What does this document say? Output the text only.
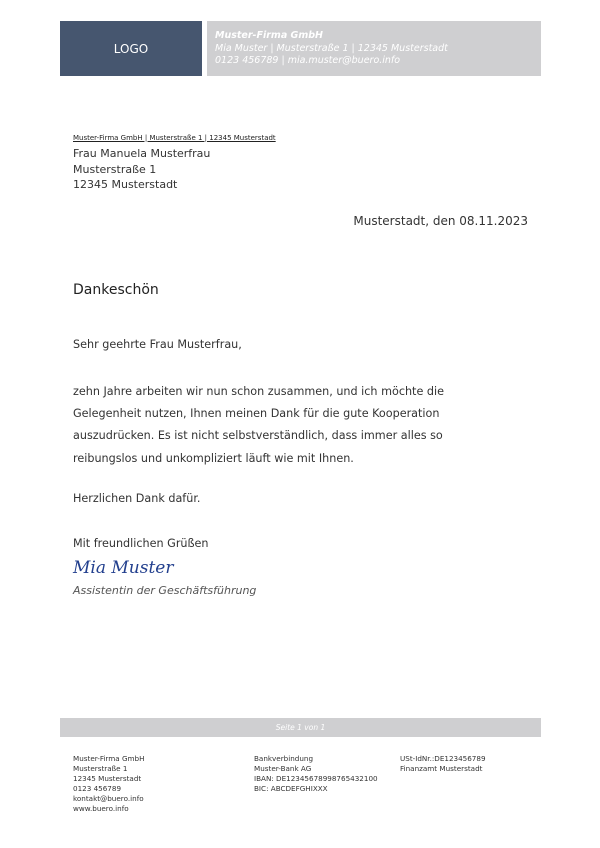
LOGO
Muster-Firma GmbH
Mia Muster | Musterstraße 1 | 12345 Musterstadt
0123 456789 | mia.muster@buero.info
Muster-Firma GmbH | Musterstraße 1 | 12345 Musterstadt
Frau Manuela Musterfrau
Musterstraße 1
12345 Musterstadt
Musterstadt, den 08.11.2023
Dankeschön
Sehr geehrte Frau Musterfrau,
zehn Jahre arbeiten wir nun schon zusammen, und ich möchte die
Gelegenheit nutzen, Ihnen meinen Dank für die gute Kooperation
auszudrücken. Es ist nicht selbstverständlich, dass immer alles so
reibungslos und unkompliziert läuft wie mit Ihnen.
Herzlichen Dank dafür.
Mit freundlichen Grüßen
Mia Muster
Assistentin der Geschäftsführung
Seite 1 von 1
Muster-Firma GmbH
Musterstraße 1
12345 Musterstadt
0123 456789
kontakt@buero.info
www.buero.info
Bankverbindung
Muster-Bank AG
IBAN: DE12345678998765432100
BIC: ABCDEFGHIXXX
USt-IdNr.:DE123456789
Finanzamt Musterstadt
